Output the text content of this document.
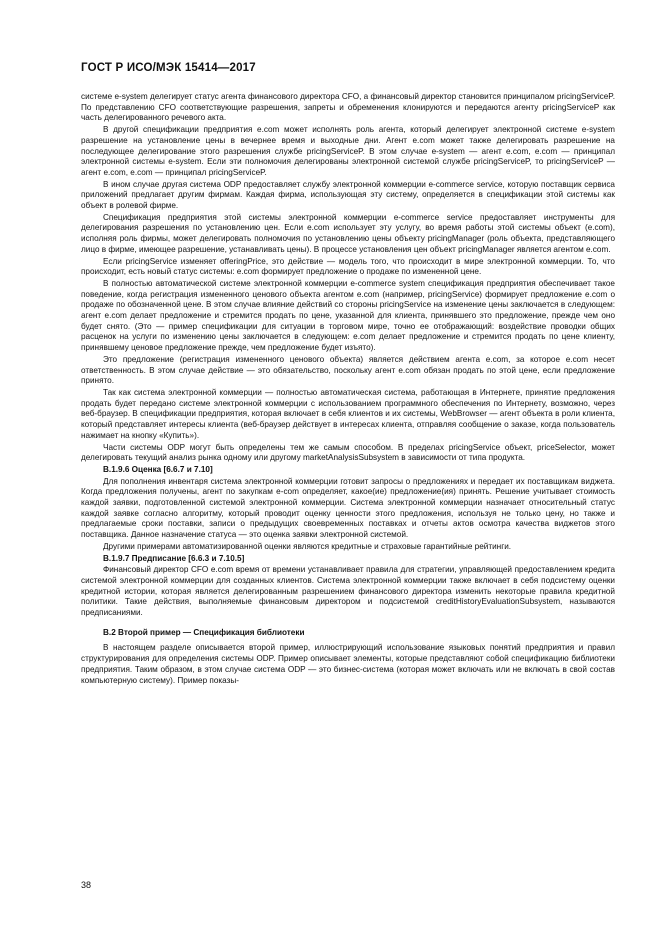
ГОСТ Р ИСО/МЭК 15414—2017

системе e-system делегирует статус агента финансового директора CFO, а финансовый директор становится принципалом pricingServiceP. По представлению CFO соответствующие разрешения, запреты и обременения клонируются и передаются агенту pricingServiceP как часть делегированного речевого акта.

В другой спецификации предприятия e.com может исполнять роль агента, который делегирует электронной системе e-system разрешение на установление цены в вечернее время и выходные дни. Агент e.com может также делегировать разрешение на последующее делегирование этого разрешения службе pricingServiceP. В этом случае e-system — агент e.com, e.com — принципал электронной системы e-system. Если эти полномочия делегированы электронной системой службе pricingServiceP, то pricingServiceP — агент e.com, e.com — принципал pricingServiceP.

В ином случае другая система ODP предоставляет службу электронной коммерции e-commerce service, которую поставщик сервиса приложений предлагает другим фирмам. Каждая фирма, использующая эту систему, определяется в спецификации этой системы как объект в ролевой фирме.

Спецификация предприятия этой системы электронной коммерции e-commerce service предоставляет инструменты для делегирования разрешения по установлению цен. Если e.com использует эту услугу, во время работы этой системы объект (e.com), исполняя роль фирмы, может делегировать полномочия по установлению цены объекту pricingManager (роль объекта, представляющего лицо в фирме, имеющее разрешение, устанавливать цены). В процессе установления цен объект pricingManager является агентом e.com.

Если pricingService изменяет offeringPrice, это действие — модель того, что происходит в мире электронной коммерции. То, что происходит, есть новый статус системы: e.com формирует предложение о продаже по измененной цене.

В полностью автоматической системе электронной коммерции e-commerce system спецификация предприятия обеспечивает такое поведение, когда регистрация измененного ценового объекта агентом e.com (например, pricingService) формирует предложение e.com о продаже по обозначенной цене. В этом случае влияние действий со стороны pricingService на изменение цены заключается в следующем: агент e.com делает предложение и стремится продать по цене, указанной для клиента, принявшего это предложение, прежде чем оно будет снято. (Это — пример спецификации для ситуации в торговом мире, точно ее отображающий: воздействие проводки общих расценок на услуги по изменению цены заключается в следующем: e.com делает предложение и стремится продать по цене клиенту, принявшему ценовое предложение прежде, чем предложение будет изъято).

Это предложение (регистрация измененного ценового объекта) является действием агента e.com, за которое e.com несет ответственность. В этом случае действие — это обязательство, поскольку агент e.com обязан продать по этой цене, если предложение принято.

Так как система электронной коммерции — полностью автоматическая система, работающая в Интернете, принятие предложения продать будет передано системе электронной коммерции с использованием программного обеспечения по Интернету, возможно, через веб-браузер. В спецификации предприятия, которая включает в себя клиентов и их системы, WebBrowser — агент объекта в роли клиента, который представляет интересы клиента (веб-браузер действует в интересах клиента, отправляя сообщение о заказе, когда пользователь нажимает на кнопку «Купить»).

Части системы ODP могут быть определены тем же самым способом. В пределах pricingService объект, priceSelector, может делегировать текущий анализ рынка одному или другому marketAnalysisSubsystem в зависимости от типа продукта.

В.1.9.6 Оценка [6.6.7 и 7.10]

Для пополнения инвентаря система электронной коммерции готовит запросы о предложениях и передает их поставщикам виджета. Когда предложения получены, агент по закупкам e-com определяет, какое(ие) предложение(ия) принять. Решение учитывает стоимость каждой заявки, подготовленной системой электронной коммерции. Система электронной коммерции назначает относительный статус каждой заявке согласно алгоритму, который проводит оценку ценности этого предложения, используя не только цену, но также и предлагаемые сроки поставки, записи о предыдущих своевременных поставках и отчеты актов осмотра качества виджетов этого поставщика. Данное назначение статуса — это оценка заявки электронной системой.

Другими примерами автоматизированной оценки являются кредитные и страховые гарантийные рейтинги.

В.1.9.7 Предписание [6.6.3 и 7.10.5]

Финансовый директор CFO e.com время от времени устанавливает правила для стратегии, управляющей предоставлением кредита системой электронной коммерции для созданных клиентов. Система электронной коммерции также включает в себя подсистему оценки кредитной истории, которая является делегированным разрешением финансового директора изменить некоторые правила кредитной политики. Такие действия, выполняемые финансовым директором и подсистемой creditHistoryEvaluationSubsystem, называются предписаниями.

В.2 Второй пример — Спецификация библиотеки

В настоящем разделе описывается второй пример, иллюстрирующий использование языковых понятий предприятия и правил структурирования для определения системы ODP. Пример описывает элементы, которые представляют собой спецификацию библиотеки предприятия. Таким образом, в этом случае система ODP — это бизнес-система (которая может включать или не включать в свой состав компьютерную систему). Пример показы-

38
